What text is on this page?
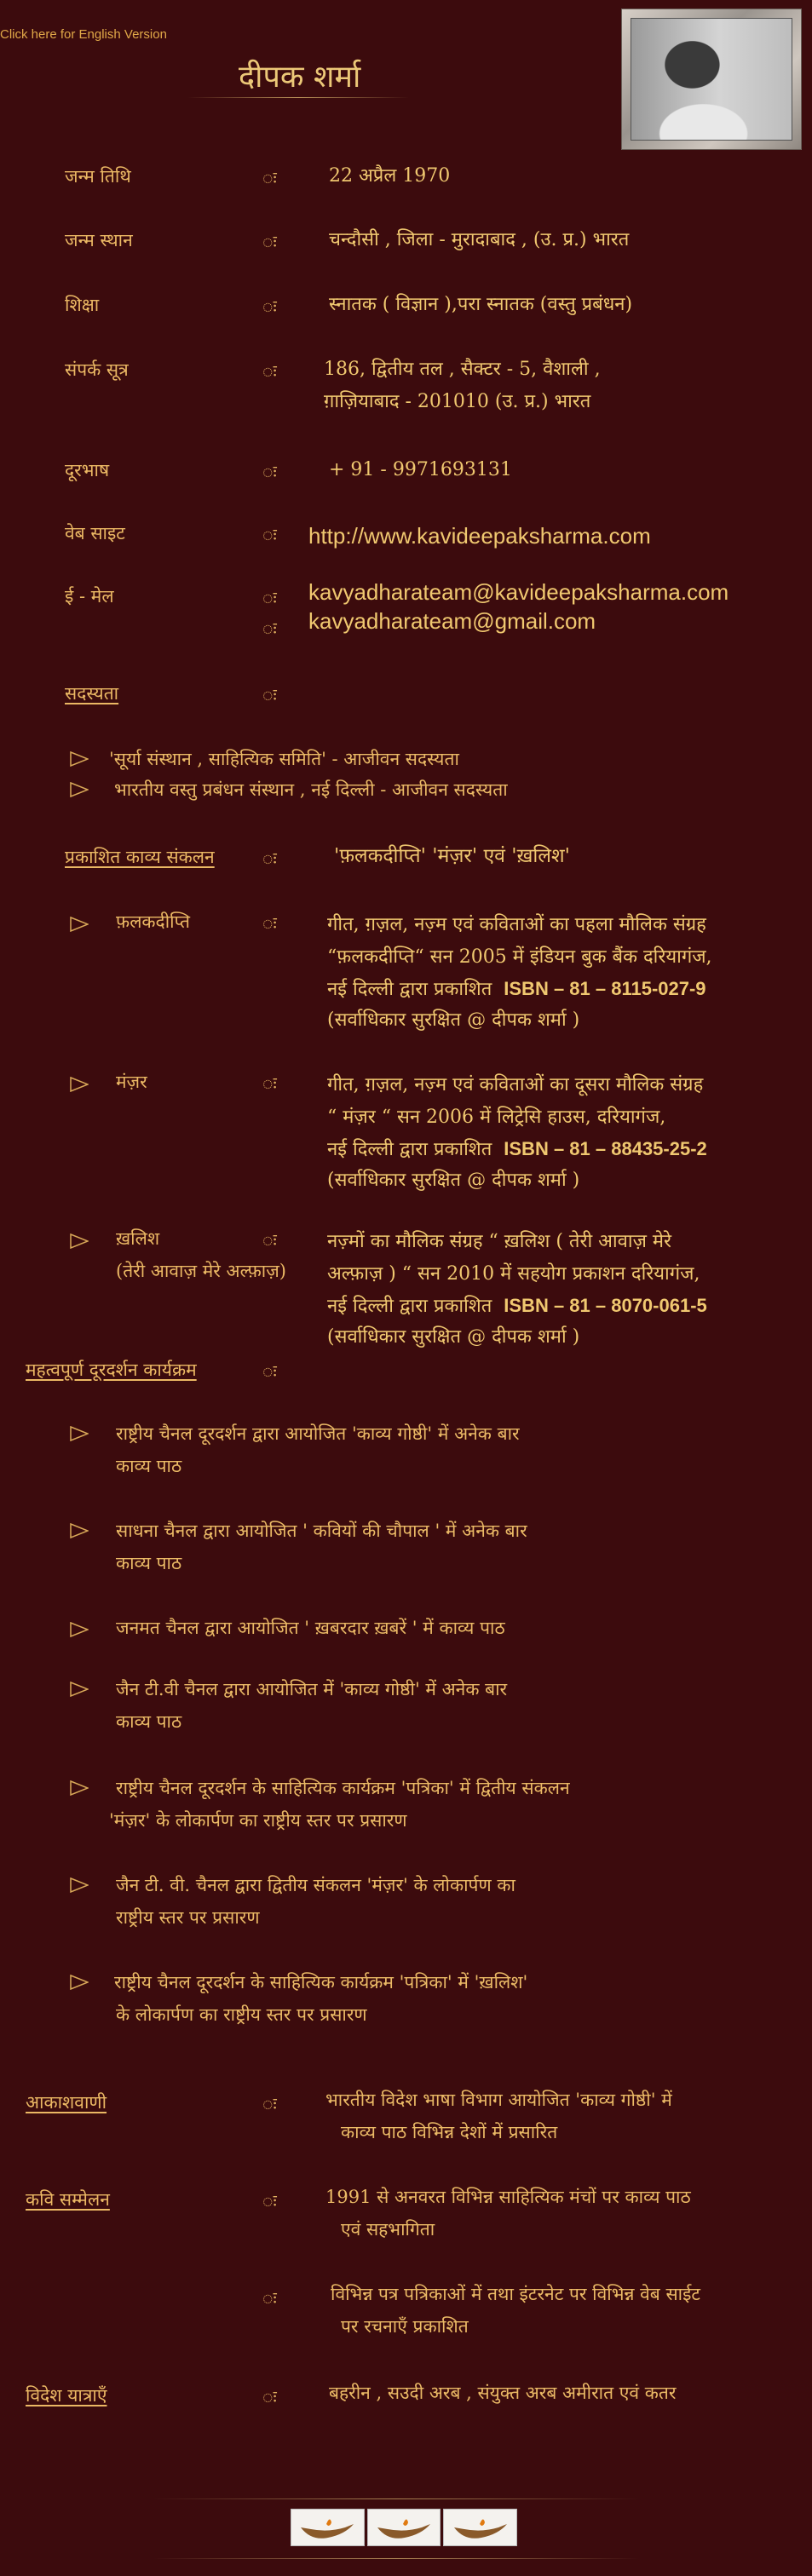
Click here for English Version
दीपक शर्मा
जन्म तिथि	ः	22 अप्रैल 1970
जन्म स्थान	ः	चन्दौसी , जिला - मुरादाबाद , (उ. प्र.) भारत
शिक्षा	ः	स्नातक ( विज्ञान ),परा स्नातक (वस्तु प्रबंधन)
संपर्क सूत्र	ः	186, द्वितीय तल , सैक्टर - 5, वैशाली ,
ग़ाज़ियाबाद - 201010 (उ. प्र.) भारत
दूरभाष	ः	+ 91 - 9971693131
वेब साइट	ः http://www.kavideepaksharma.com
ई - मेल	ः kavyadharateam@kavideepaksharma.com
ः kavyadharateam@gmail.com
सदस्यता	ः
'सूर्या संस्थान , साहित्यिक समिति' - आजीवन सदस्यता
भारतीय वस्तु प्रबंधन संस्थान , नई दिल्ली - आजीवन सदस्यता
प्रकाशित काव्य संकलन	ः	'फ़लकदीप्ति' 'मंज़र' एवं 'ख़लिश'
फ़लकदीप्ति	ः	गीत, ग़ज़ल, नज़्म एवं कविताओं का पहला मौलिक संग्रह
“फ़लकदीप्ति“ सन 2005 में इंडियन बुक बैंक दरियागंज,
नई दिल्ली द्वारा प्रकाशित ISBN – 81 – 8115-027-9
(सर्वाधिकार सुरक्षित @ दीपक शर्मा )
मंज़र	ः	गीत, ग़ज़ल, नज़्म एवं कविताओं का दूसरा मौलिक संग्रह
“ मंज़र “ सन 2006 में लिट्रेसि हाउस, दरियागंज,
नई दिल्ली द्वारा प्रकाशित ISBN – 81 – 88435-25-2
(सर्वाधिकार सुरक्षित @ दीपक शर्मा )
ख़लिश
(तेरी आवाज़ मेरे अल्फ़ाज़)
ः	नज़्मों का मौलिक संग्रह “ ख़लिश ( तेरी आवाज़ मेरे
अल्फ़ाज़ ) “ सन 2010 में सहयोग प्रकाशन दरियागंज,
नई दिल्ली द्वारा प्रकाशित ISBN – 81 – 8070-061-5
(सर्वाधिकार सुरक्षित @ दीपक शर्मा )
महत्वपूर्ण दूरदर्शन कार्यक्रम	ः
राष्ट्रीय चैनल दूरदर्शन द्वारा आयोजित 'काव्य गोष्ठी' में अनेक बार
काव्य पाठ
साधना चैनल द्वारा आयोजित ' कवियों की चौपाल ' में अनेक बार
काव्य पाठ
जनमत चैनल द्वारा आयोजित ' ख़बरदार ख़बरें ' में काव्य पाठ
जैन टी.वी चैनल द्वारा आयोजित में 'काव्य गोष्ठी' में अनेक बार
काव्य पाठ
राष्ट्रीय चैनल दूरदर्शन के साहित्यिक कार्यक्रम 'पत्रिका' में द्वितीय संकलन
'मंज़र' के लोकार्पण का राष्ट्रीय स्तर पर प्रसारण
जैन टी. वी. चैनल द्वारा द्वितीय संकलन 'मंज़र' के लोकार्पण का
राष्ट्रीय स्तर पर प्रसारण
राष्ट्रीय चैनल दूरदर्शन के साहित्यिक कार्यक्रम 'पत्रिका' में 'ख़लिश'
के लोकार्पण का राष्ट्रीय स्तर पर प्रसारण
आकाशवाणी	ः	भारतीय विदेश भाषा विभाग आयोजित 'काव्य गोष्ठी' में
काव्य पाठ विभिन्न देशों में प्रसारित
कवि सम्मेलन	ः	1991 से अनवरत विभिन्न साहित्यिक मंचों पर काव्य पाठ
एवं सहभागिता
ः	विभिन्न पत्र पत्रिकाओं में तथा इंटरनेट पर विभिन्न वेब साईट
पर रचनाएँ प्रकाशित
विदेश यात्राएँ	ः	बहरीन , सउदी अरब , संयुक्त अरब अमीरात एवं कतर
